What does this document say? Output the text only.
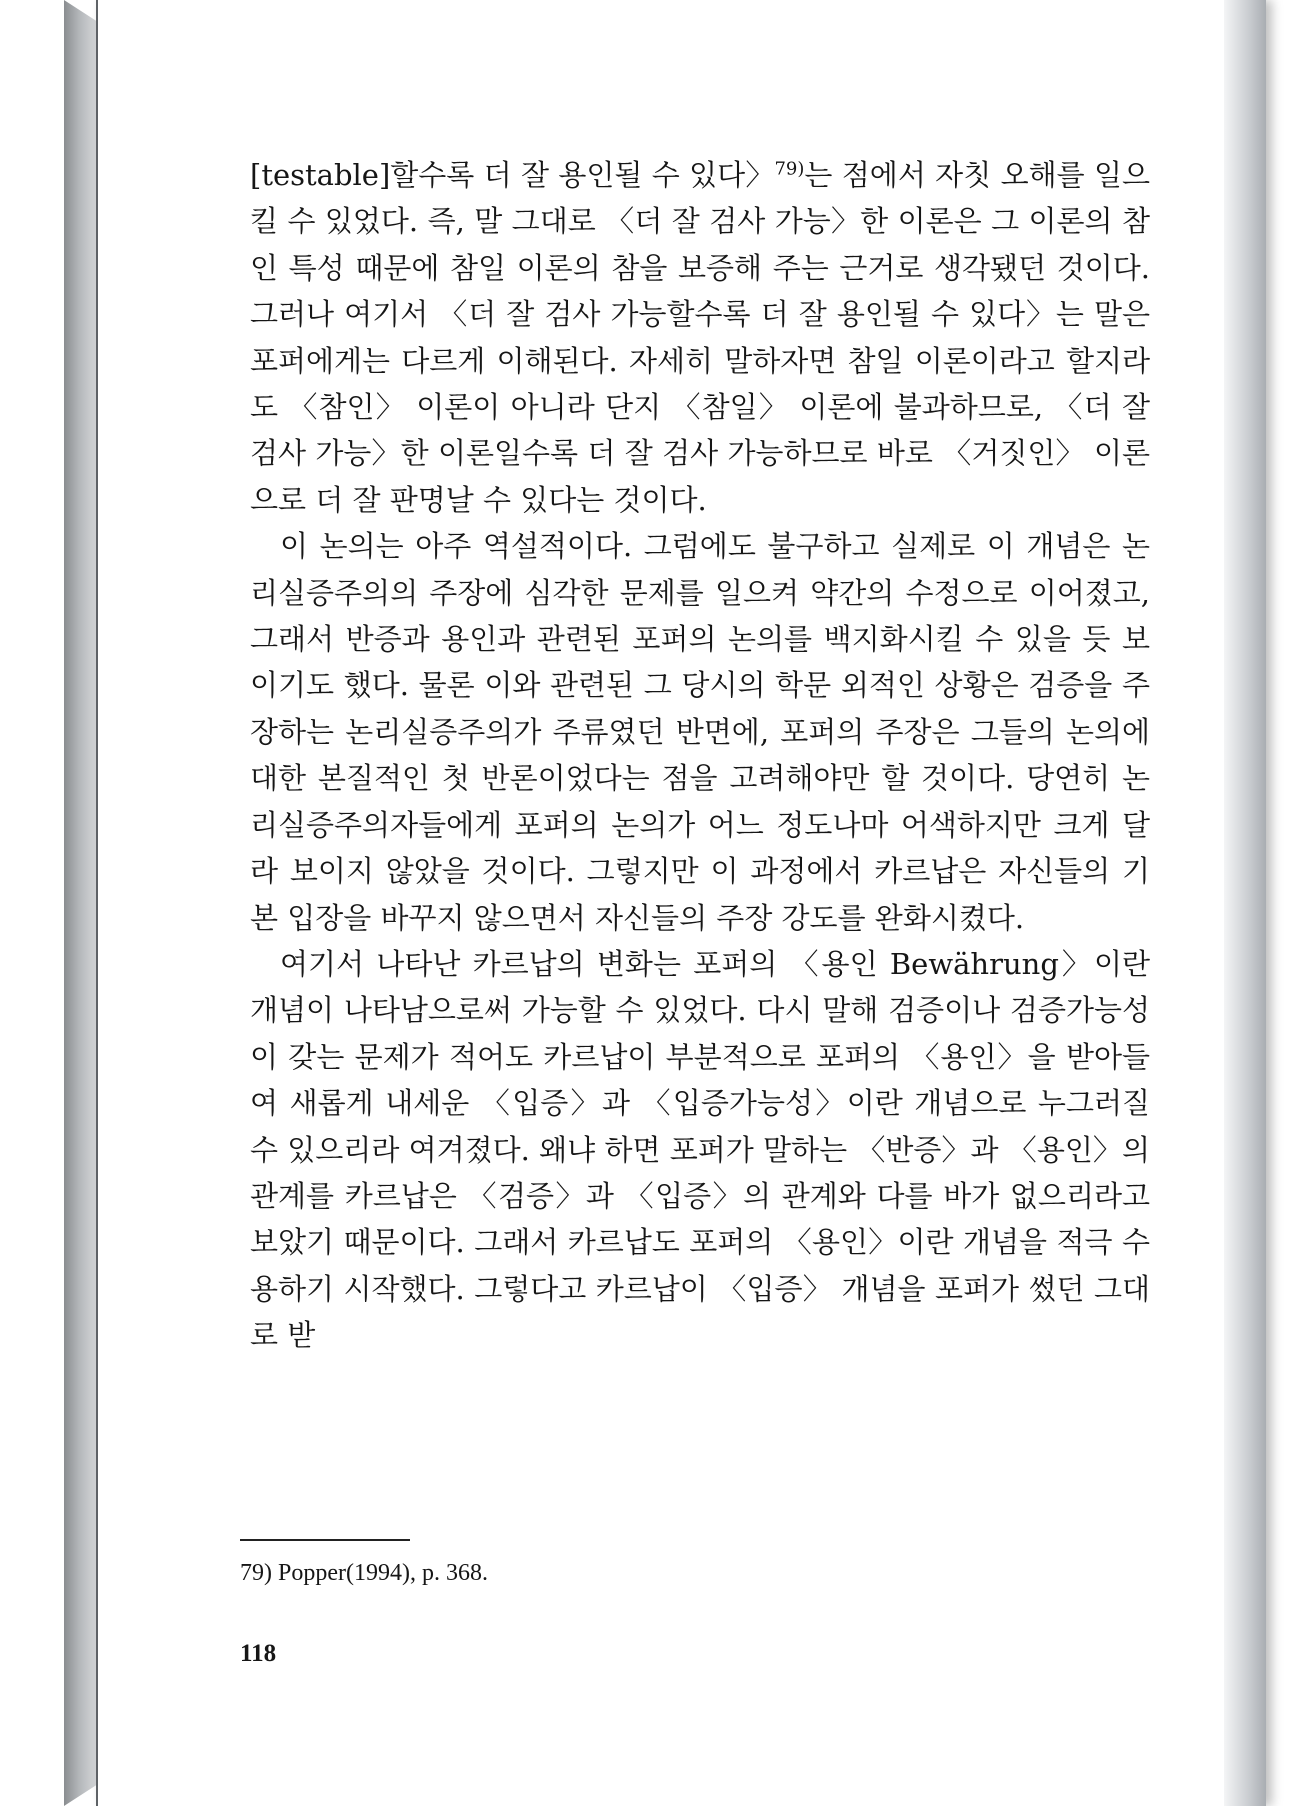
[testable]할수록 더 잘 용인될 수 있다〉$^{79)}$는 점에서 자칫 오해를 일으킬 수 있었다. 즉, 말 그대로 〈더 잘 검사 가능〉한 이론은 그 이론의 참인 특성 때문에 참일 이론의 참을 보증해 주는 근거로 생각됐던 것이다. 그러나 여기서 〈더 잘 검사 가능할수록 더 잘 용인될 수 있다〉는 말은 포퍼에게는 다르게 이해된다. 자세히 말하자면 참일 이론이라고 할지라도 〈참인〉 이론이 아니라 단지 〈참일〉 이론에 불과하므로, 〈더 잘 검사 가능〉한 이론일수록 더 잘 검사 가능하므로 바로 〈거짓인〉 이론으로 더 잘 판명날 수 있다는 것이다.

이 논의는 아주 역설적이다. 그럼에도 불구하고 실제로 이 개념은 논리실증주의의 주장에 심각한 문제를 일으켜 약간의 수정으로 이어졌고, 그래서 반증과 용인과 관련된 포퍼의 논의를 백지화시킬 수 있을 듯 보이기도 했다. 물론 이와 관련된 그 당시의 학문 외적인 상황은 검증을 주장하는 논리실증주의가 주류였던 반면에, 포퍼의 주장은 그들의 논의에 대한 본질적인 첫 반론이었다는 점을 고려해야만 할 것이다. 당연히 논리실증주의자들에게 포퍼의 논의가 어느 정도나마 어색하지만 크게 달라 보이지 않았을 것이다. 그렇지만 이 과정에서 카르납은 자신들의 기본 입장을 바꾸지 않으면서 자신들의 주장 강도를 완화시켰다.

여기서 나타난 카르납의 변화는 포퍼의 〈용인 Bewährung〉이란 개념이 나타남으로써 가능할 수 있었다. 다시 말해 검증이나 검증가능성이 갖는 문제가 적어도 카르납이 부분적으로 포퍼의 〈용인〉을 받아들여 새롭게 내세운 〈입증〉과 〈입증가능성〉이란 개념으로 누그러질 수 있으리라 여겨졌다. 왜냐 하면 포퍼가 말하는 〈반증〉과 〈용인〉의 관계를 카르납은 〈검증〉과 〈입증〉의 관계와 다를 바가 없으리라고 보았기 때문이다. 그래서 카르납도 포퍼의 〈용인〉이란 개념을 적극 수용하기 시작했다. 그렇다고 카르납이 〈입증〉 개념을 포퍼가 썼던 그대로 받

79) Popper(1994), p. 368.
118
